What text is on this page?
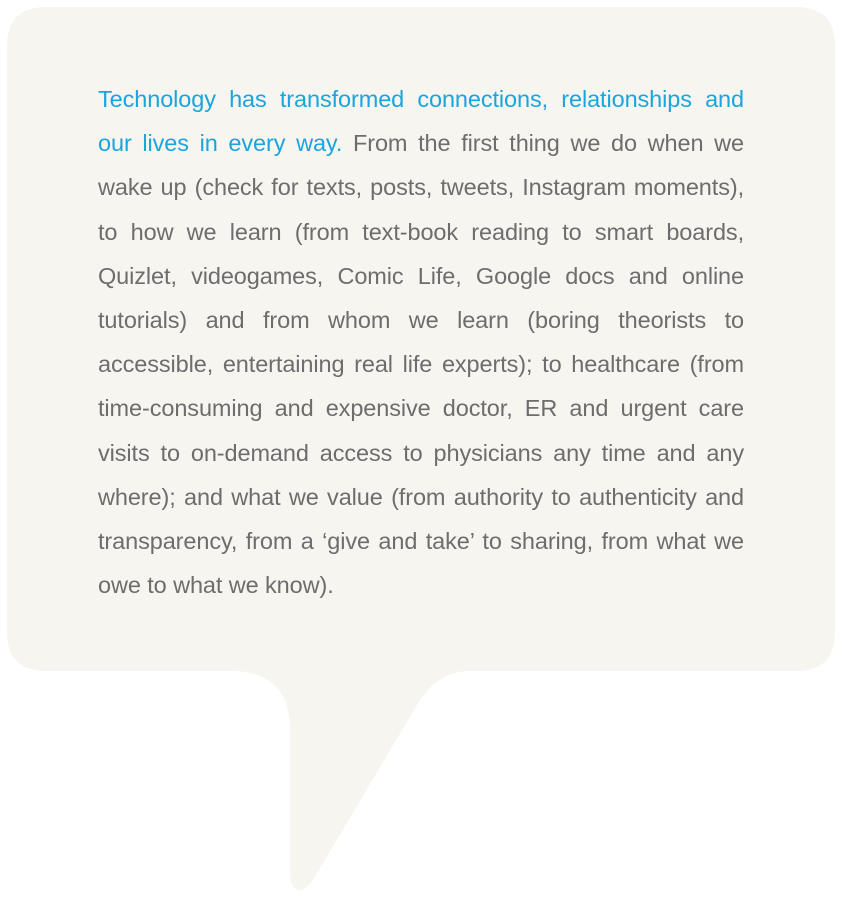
Technology has transformed connections, relationships and our lives in every way. From the first thing we do when we wake up (check for texts, posts, tweets, Instagram moments), to how we learn (from text-book reading to smart boards, Quizlet, videogames, Comic Life, Google docs and online tutorials) and from whom we learn (boring theorists to accessible, entertaining real life experts); to healthcare (from time-consuming and expensive doctor, ER and urgent care visits to on-demand access to physicians any time and any where); and what we value (from authority to authenticity and transparency, from a ‘give and take’ to sharing, from what we owe to what we know).
